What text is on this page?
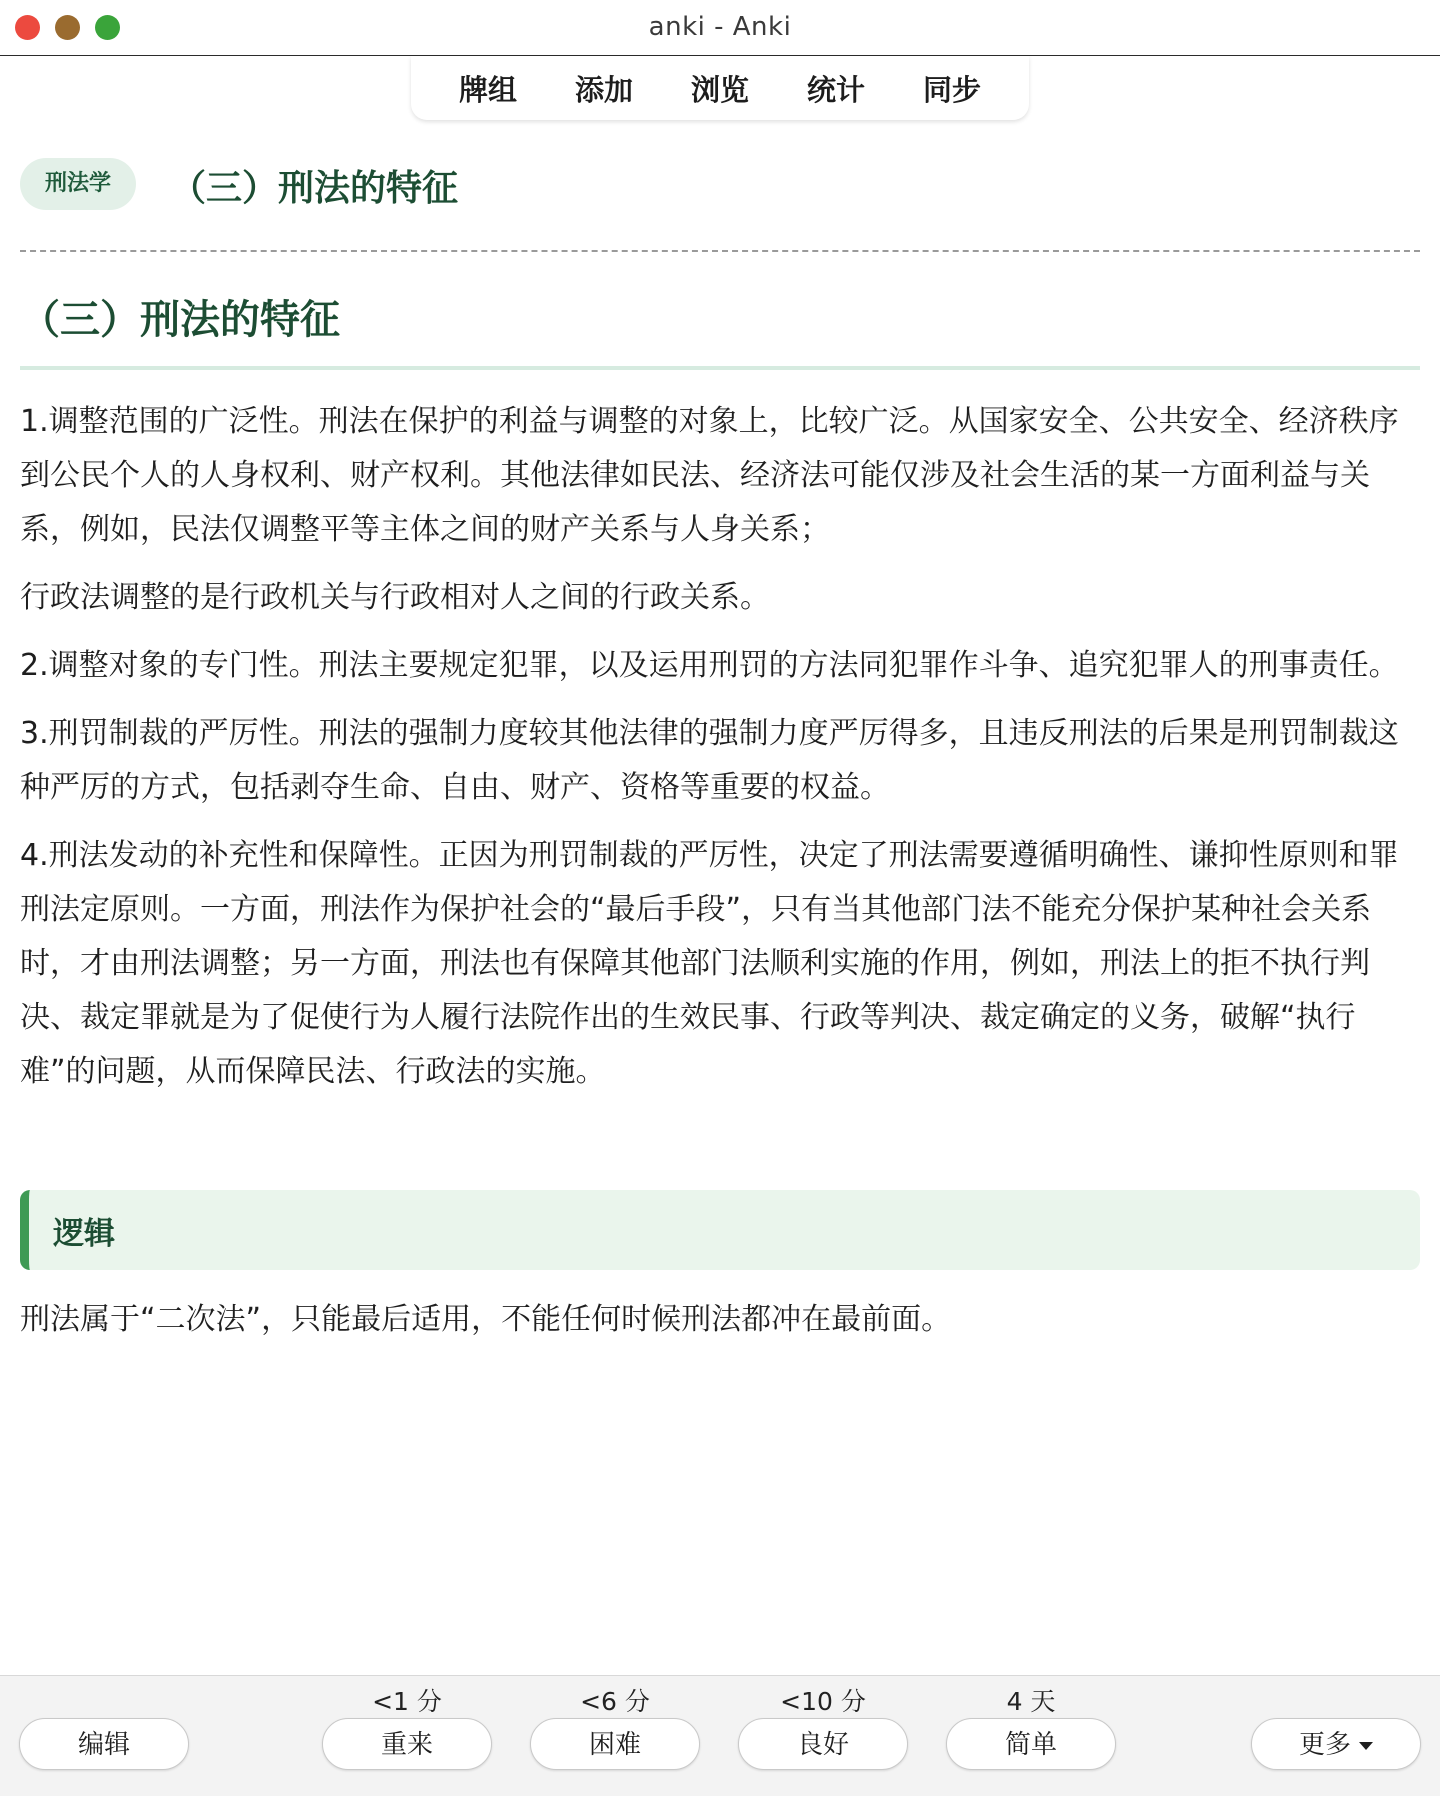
anki - Anki
牌组	添加	浏览	统计	同步
刑法学	（三）刑法的特征
（三）刑法的特征

1.调整范围的广泛性。刑法在保护的利益与调整的对象上，比较广泛。从国家安全、公共安全、经济秩序到公民个人的人身权利、财产权利。其他法律如民法、经济法可能仅涉及社会生活的某一方面利益与关系，例如，民法仅调整平等主体之间的财产关系与人身关系；

行政法调整的是行政机关与行政相对人之间的行政关系。

2.调整对象的专门性。刑法主要规定犯罪，以及运用刑罚的方法同犯罪作斗争、追究犯罪人的刑事责任。

3.刑罚制裁的严厉性。刑法的强制力度较其他法律的强制力度严厉得多，且违反刑法的后果是刑罚制裁这种严厉的方式，包括剥夺生命、自由、财产、资格等重要的权益。

4.刑法发动的补充性和保障性。正因为刑罚制裁的严厉性，决定了刑法需要遵循明确性、谦抑性原则和罪刑法定原则。一方面，刑法作为保护社会的“最后手段”，只有当其他部门法不能充分保护某种社会关系时，才由刑法调整；另一方面，刑法也有保障其他部门法顺利实施的作用，例如，刑法上的拒不执行判决、裁定罪就是为了促使行为人履行法院作出的生效民事、行政等判决、裁定确定的义务，破解“执行难”的问题，从而保障民法、行政法的实施。

逻辑
刑法属于“二次法”，只能最后适用，不能任何时候刑法都冲在最前面。
编辑
<1 分
重来
<6 分
困难
<10 分
良好
4 天
简单	更多
